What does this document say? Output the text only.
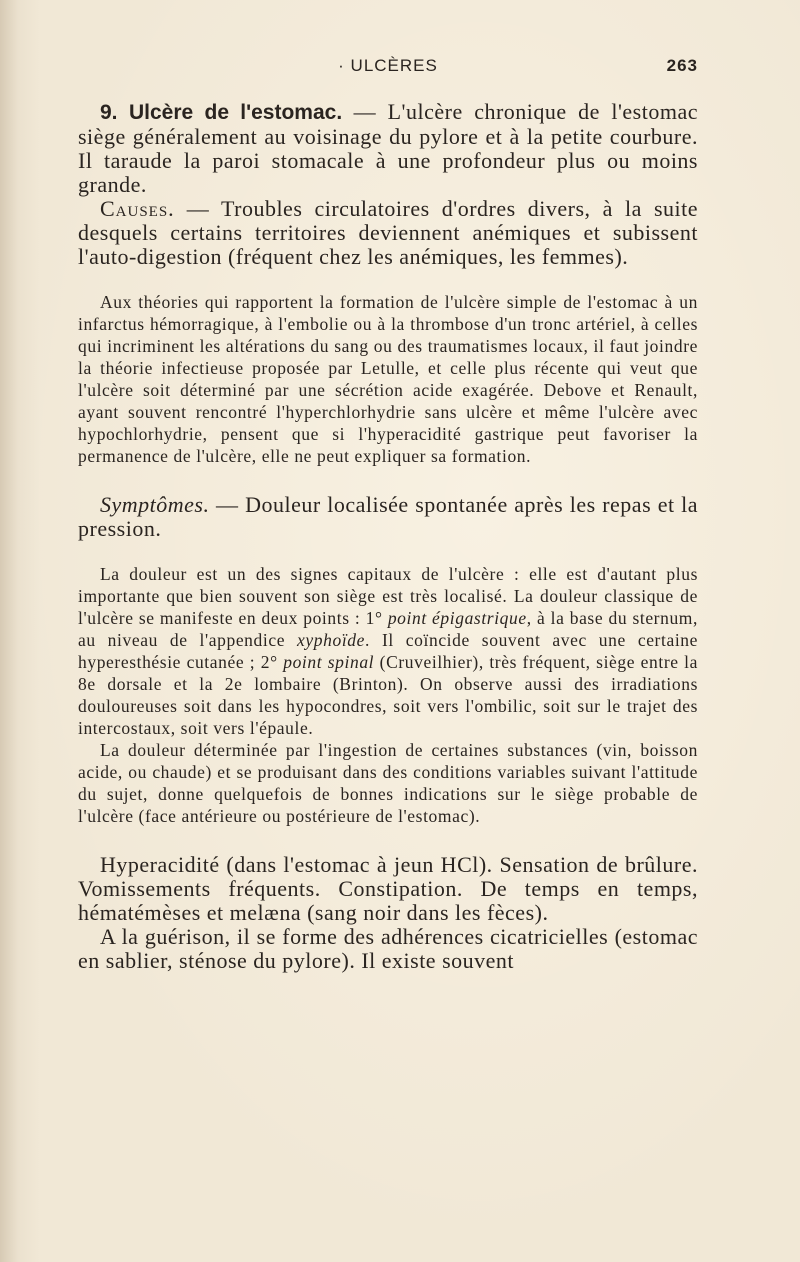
· ULCÈRES	263

9. Ulcère de l'estomac. — L'ulcère chronique de l'estomac siège généralement au voisinage du pylore et à la petite courbure. Il taraude la paroi stomacale à une profondeur plus ou moins grande.

Causes. — Troubles circulatoires d'ordres divers, à la suite desquels certains territoires deviennent anémiques et subissent l'auto-digestion (fréquent chez les anémiques, les femmes).

Aux théories qui rapportent la formation de l'ulcère simple de l'estomac à un infarctus hémorragique, à l'embolie ou à la thrombose d'un tronc artériel, à celles qui incriminent les altérations du sang ou des traumatismes locaux, il faut joindre la théorie infectieuse proposée par Letulle, et celle plus récente qui veut que l'ulcère soit déterminé par une sécrétion acide exagérée. Debove et Renault, ayant souvent rencontré l'hyperchlorhydrie sans ulcère et même l'ulcère avec hypochlorhydrie, pensent que si l'hyperacidité gastrique peut favoriser la permanence de l'ulcère, elle ne peut expliquer sa formation.

Symptômes. — Douleur localisée spontanée après les repas et la pression.

La douleur est un des signes capitaux de l'ulcère : elle est d'autant plus importante que bien souvent son siège est très localisé. La douleur classique de l'ulcère se manifeste en deux points : 1° point épigastrique, à la base du sternum, au niveau de l'appendice xyphoïde. Il coïncide souvent avec une certaine hyperesthésie cutanée ; 2° point spinal (Cruveilhier), très fréquent, siège entre la 8e dorsale et la 2e lombaire (Brinton). On observe aussi des irradiations douloureuses soit dans les hypocondres, soit vers l'ombilic, soit sur le trajet des intercostaux, soit vers l'épaule.

La douleur déterminée par l'ingestion de certaines substances (vin, boisson acide, ou chaude) et se produisant dans des conditions variables suivant l'attitude du sujet, donne quelquefois de bonnes indications sur le siège probable de l'ulcère (face antérieure ou postérieure de l'estomac).

Hyperacidité (dans l'estomac à jeun HCl). Sensation de brûlure. Vomissements fréquents. Constipation. De temps en temps, hématémèses et melæna (sang noir dans les fèces).

A la guérison, il se forme des adhérences cicatricielles (estomac en sablier, sténose du pylore). Il existe souvent
